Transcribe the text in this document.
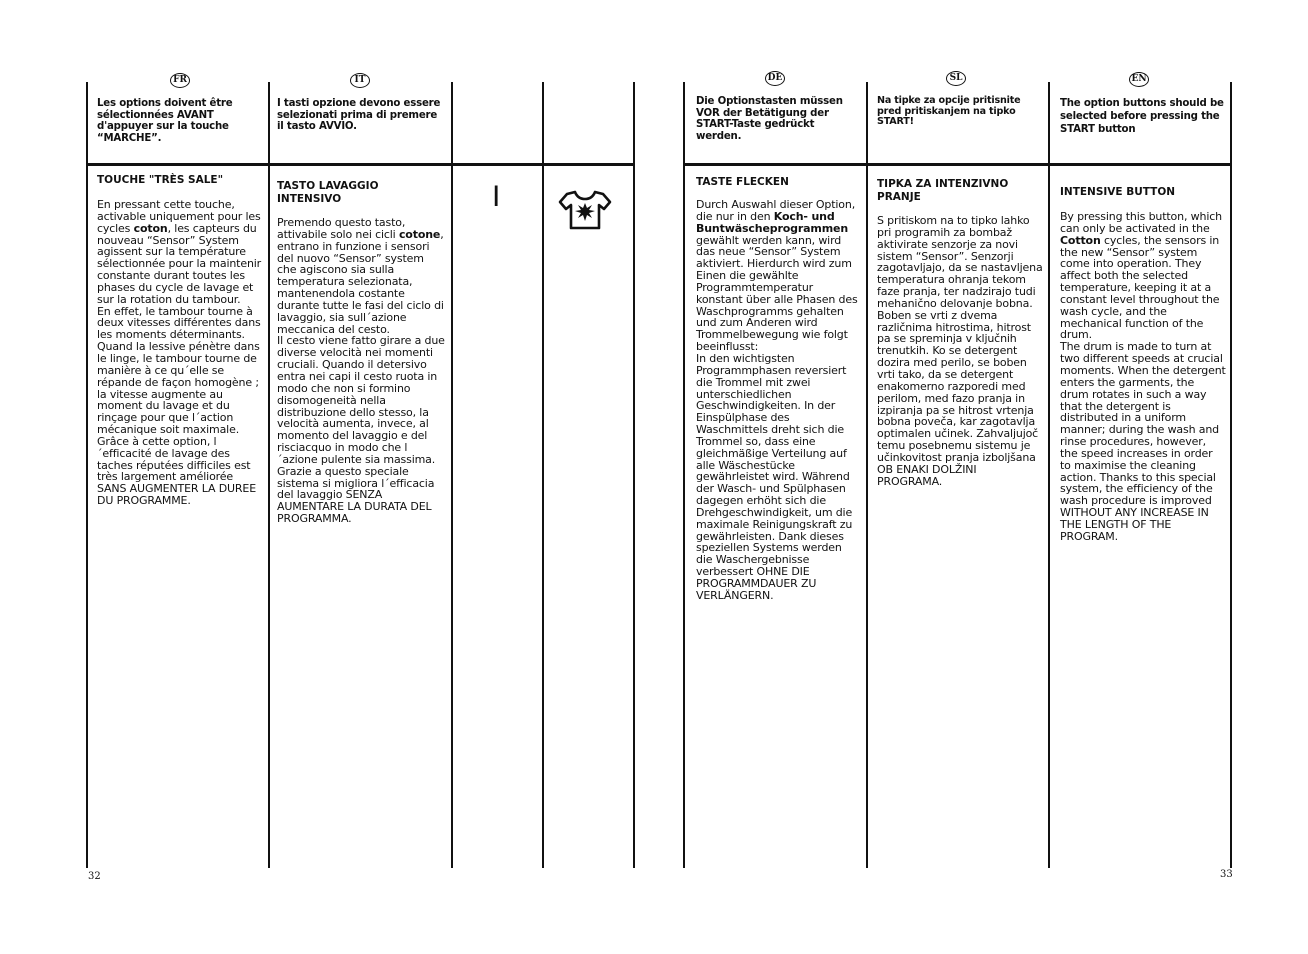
FR	IT
Les options doivent être sélectionnées AVANT d'appuyer sur la touche “MARCHE”.
I tasti opzione devono essere selezionati prima di premere il tasto AVVIO.
TOUCHE "TRÈS SALE"

En pressant cette touche, activable uniquement pour les cycles coton, les capteurs du nouveau “Sensor” System agissent sur la température sélectionnée pour la maintenir constante durant toutes les phases du cycle de lavage et sur la rotation du tambour.
En effet, le tambour tourne à deux vitesses différentes dans les moments déterminants. Quand la lessive pénètre dans le linge, le tambour tourne de manière à ce qu´elle se répande de façon homogène ; la vitesse augmente au moment du lavage et du rinçage pour que l´action mécanique soit maximale. Grâce à cette option, l´efficacité de lavage des taches réputées difficiles est très largement améliorée SANS AUGMENTER LA DUREE DU PROGRAMME.

TASTO LAVAGGIO INTENSIVO

Premendo questo tasto, attivabile solo nei cicli cotone, entrano in funzione i sensori del nuovo “Sensor” system che agiscono sia sulla temperatura selezionata, mantenendola costante durante tutte le fasi del ciclo di lavaggio, sia sull´azione meccanica del cesto.
Il cesto viene fatto girare a due diverse velocità nei momenti cruciali. Quando il detersivo entra nei capi il cesto ruota in modo che non si formino disomogeneità nella distribuzione dello stesso, la velocità aumenta, invece, al momento del lavaggio e del risciacquo in modo che l´azione pulente sia massima. Grazie a questo speciale sistema si migliora l´efficacia del lavaggio SENZA AUMENTARE LA DURATA DEL PROGRAMMA.

I
32
DE	SL	EN
Die Optionstasten müssen VOR der Betätigung der START-Taste gedrückt werden.
Na tipke za opcije pritisnite pred pritiskanjem na tipko START!
The option buttons should be selected before pressing the START button
TASTE FLECKEN

Durch Auswahl dieser Option, die nur in den Koch- und Buntwäscheprogrammen gewählt werden kann, wird das neue “Sensor” System aktiviert. Hierdurch wird zum Einen die gewählte Programmtemperatur konstant über alle Phasen des Waschprogramms gehalten und zum Anderen wird Trommelbewegung wie folgt beeinflusst:
In den wichtigsten Programmphasen reversiert die Trommel mit zwei unterschiedlichen Geschwindigkeiten. In der Einspülphase des Waschmittels dreht sich die Trommel so, dass eine gleichmäßige Verteilung auf alle Wäschestücke gewährleistet wird. Während der Wasch- und Spülphasen dagegen erhöht sich die Drehgeschwindigkeit, um die maximale Reinigungskraft zu gewährleisten. Dank dieses speziellen Systems werden die Waschergebnisse verbessert OHNE DIE PROGRAMMDAUER ZU VERLÄNGERN.

TIPKA ZA INTENZIVNO PRANJE

S pritiskom na to tipko lahko pri programih za bombaž aktivirate senzorje za novi sistem “Sensor”. Senzorji zagotavljajo, da se nastavljena temperatura ohranja tekom
faze pranja, ter nadzirajo tudi mehanično delovanje bobna.
Boben se vrti z dvema različnima hitrostima, hitrost pa se spreminja v ključnih trenutkih. Ko se detergent dozira med perilo, se boben vrti tako, da se detergent enakomerno razporedi med perilom, med fazo pranja in izpiranja pa se hitrost vrtenja bobna poveča, kar zagotavlja optimalen učinek. Zahvaljujoč
temu posebnemu sistemu je učinkovitost pranja izboljšana OB ENAKI DOLŽINI PROGRAMA.

INTENSIVE BUTTON

By pressing this button, which can only be activated in the Cotton cycles, the sensors in the new “Sensor” system come into operation. They affect both the selected temperature, keeping it at a constant level throughout the wash cycle, and the mechanical function of the drum.
The drum is made to turn at two different speeds at crucial moments. When the detergent enters the garments, the drum rotates in such a way that the detergent is distributed in a uniform manner; during the wash and rinse procedures, however, the speed increases in order to maximise the cleaning action. Thanks to this special system, the efficiency of the wash procedure is improved WITHOUT ANY INCREASE IN THE LENGTH OF THE PROGRAM.

33
